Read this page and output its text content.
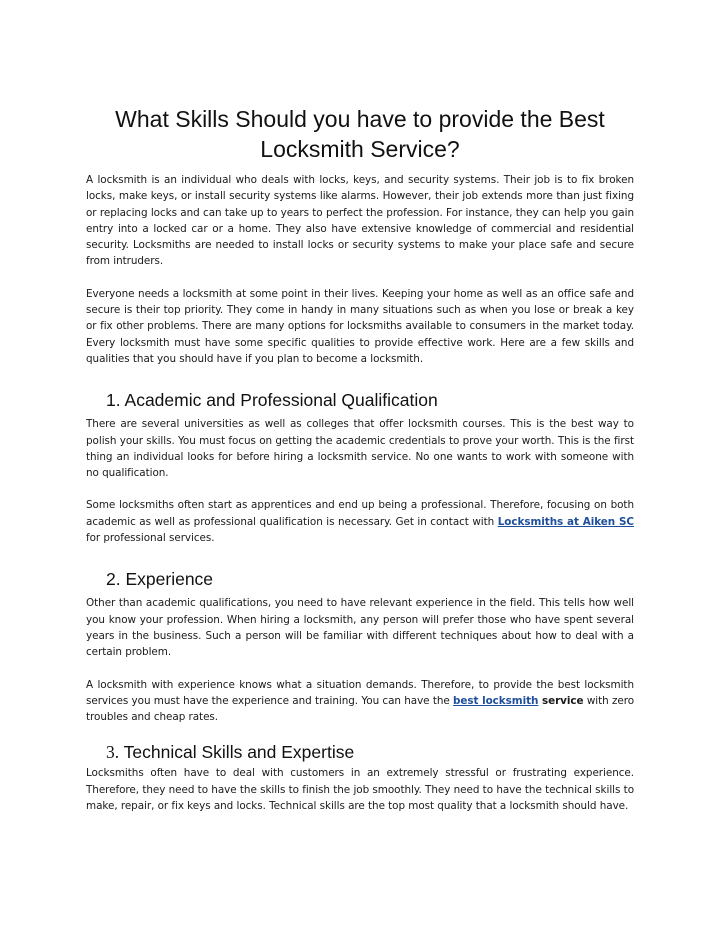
What Skills Should you have to provide the Best Locksmith Service?

A locksmith is an individual who deals with locks, keys, and security systems. Their job is to fix broken locks, make keys, or install security systems like alarms. However, their job extends more than just fixing or replacing locks and can take up to years to perfect the profession. For instance, they can help you gain entry into a locked car or a home. They also have extensive knowledge of commercial and residential security. Locksmiths are needed to install locks or security systems to make your place safe and secure from intruders.

Everyone needs a locksmith at some point in their lives. Keeping your home as well as an office safe and secure is their top priority. They come in handy in many situations such as when you lose or break a key or fix other problems. There are many options for locksmiths available to consumers in the market today. Every locksmith must have some specific qualities to provide effective work. Here are a few skills and qualities that you should have if you plan to become a locksmith.

1. Academic and Professional Qualification

There are several universities as well as colleges that offer locksmith courses. This is the best way to polish your skills. You must focus on getting the academic credentials to prove your worth. This is the first thing an individual looks for before hiring a locksmith service. No one wants to work with someone with no qualification.

Some locksmiths often start as apprentices and end up being a professional. Therefore, focusing on both academic as well as professional qualification is necessary. Get in contact with Locksmiths at Aiken SC for professional services.

2. Experience

Other than academic qualifications, you need to have relevant experience in the field. This tells how well you know your profession. When hiring a locksmith, any person will prefer those who have spent several years in the business. Such a person will be familiar with different techniques about how to deal with a certain problem.

A locksmith with experience knows what a situation demands. Therefore, to provide the best locksmith services you must have the experience and training. You can have the best locksmith service with zero troubles and cheap rates.

3. Technical Skills and Expertise

Locksmiths often have to deal with customers in an extremely stressful or frustrating experience. Therefore, they need to have the skills to finish the job smoothly. They need to have the technical skills to make, repair, or fix keys and locks. Technical skills are the top most quality that a locksmith should have.
